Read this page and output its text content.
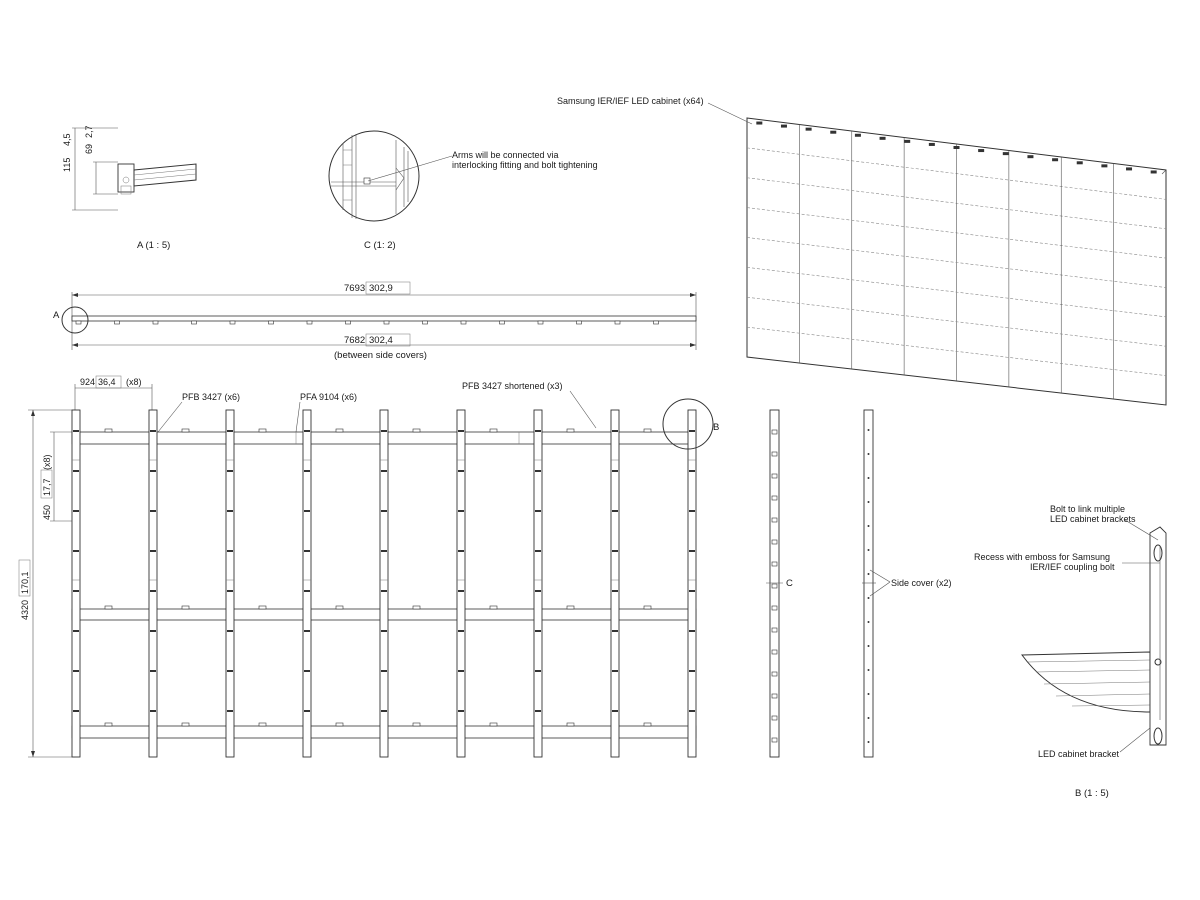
115
4,5
69
2,7
A (1 : 5)
Arms will be connected via
interlocking fitting and bolt tightening
C (1: 2)
7693 302,9
7682 302,4
(between side covers)
A
924 36,4 (x8)
PFB 3427 (x6)	PFA 9104 (x6)
PFB 3427 shortened (x3)
4320
170,1
450
17,7
(x8)
B
C	Side cover (x2)
Samsung IER/IEF LED cabinet (x64)
Bolt to link multiple
LED cabinet brackets
Recess with emboss for Samsung
IER/IEF coupling bolt
LED cabinet bracket
B (1 : 5)
